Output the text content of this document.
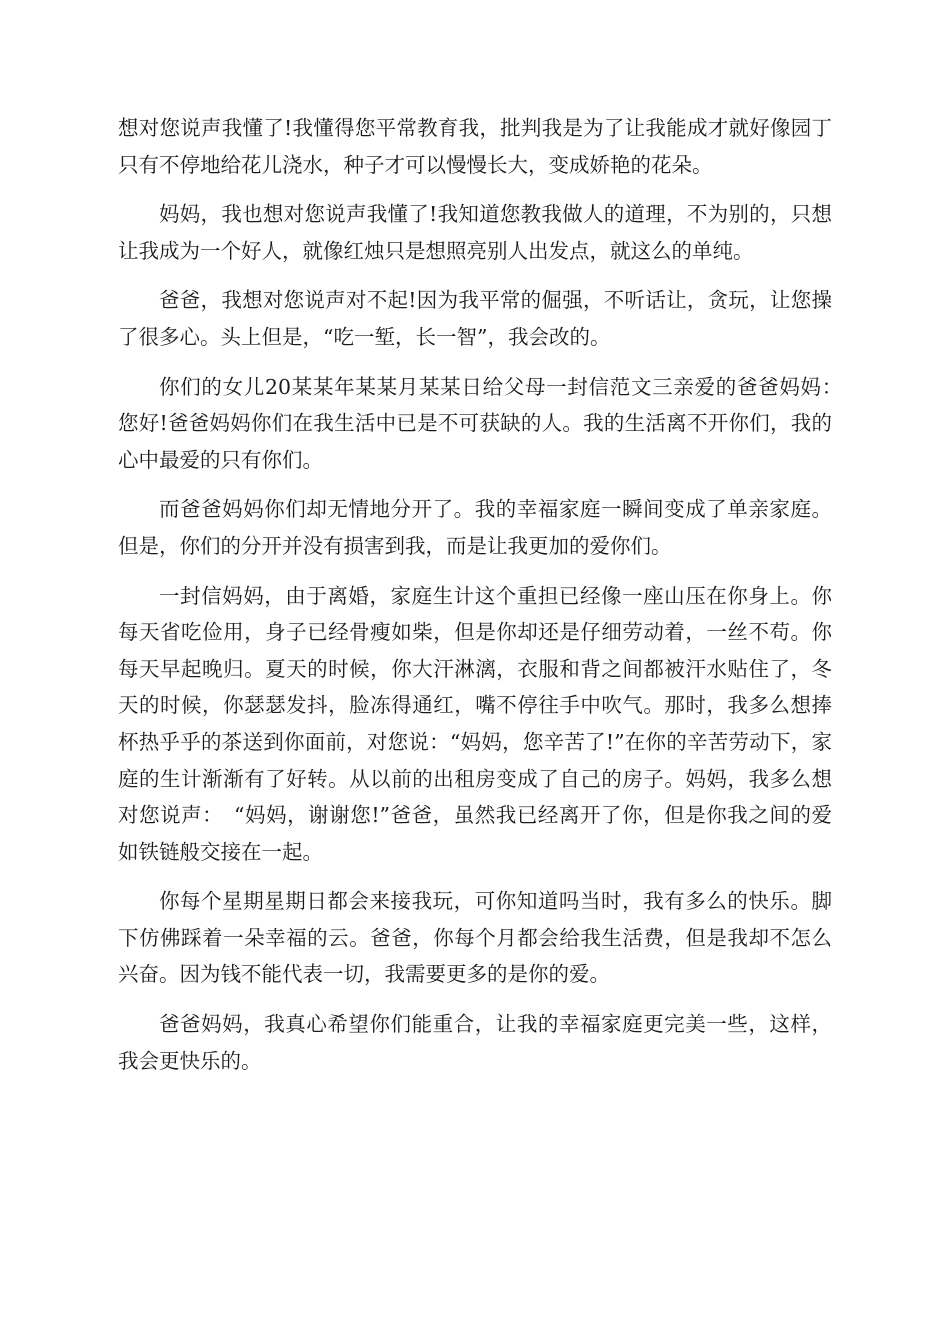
想对您说声我懂了!我懂得您平常教育我，批判我是为了让我能成才就好像园丁只有不停地给花儿浇水，种子才可以慢慢长大，变成娇艳的花朵。

妈妈，我也想对您说声我懂了!我知道您教我做人的道理，不为别的，只想让我成为一个好人，就像红烛只是想照亮别人出发点，就这么的单纯。

爸爸，我想对您说声对不起!因为我平常的倔强，不听话让，贪玩，让您操了很多心。头上但是，“吃一堑，长一智”，我会改的。

你们的女儿20某某年某某月某某日给父母一封信范文三亲爱的爸爸妈妈：　　您好!爸爸妈妈你们在我生活中已是不可获缺的人。我的生活离不开你们，我的心中最爱的只有你们。

而爸爸妈妈你们却无情地分开了。我的幸福家庭一瞬间变成了单亲家庭。但是，你们的分开并没有损害到我，而是让我更加的爱你们。

一封信妈妈，由于离婚，家庭生计这个重担已经像一座山压在你身上。你每天省吃俭用，身子已经骨瘦如柴，但是你却还是仔细劳动着，一丝不苟。你每天早起晚归。夏天的时候，你大汗淋漓，衣服和背之间都被汗水贴住了，冬天的时候，你瑟瑟发抖，脸冻得通红，嘴不停往手中吹气。那时，我多么想捧杯热乎乎的茶送到你面前，对您说：“妈妈，您辛苦了!”在你的辛苦劳动下，家庭的生计渐渐有了好转。从以前的出租房变成了自己的房子。妈妈，我多么想对您说声：　“妈妈，谢谢您!”爸爸，虽然我已经离开了你，但是你我之间的爱如铁链般交接在一起。

你每个星期星期日都会来接我玩，可你知道吗当时，我有多么的快乐。脚下仿佛踩着一朵幸福的云。爸爸，你每个月都会给我生活费，但是我却不怎么兴奋。因为钱不能代表一切，我需要更多的是你的爱。

爸爸妈妈，我真心希望你们能重合，让我的幸福家庭更完美一些，这样，我会更快乐的。
